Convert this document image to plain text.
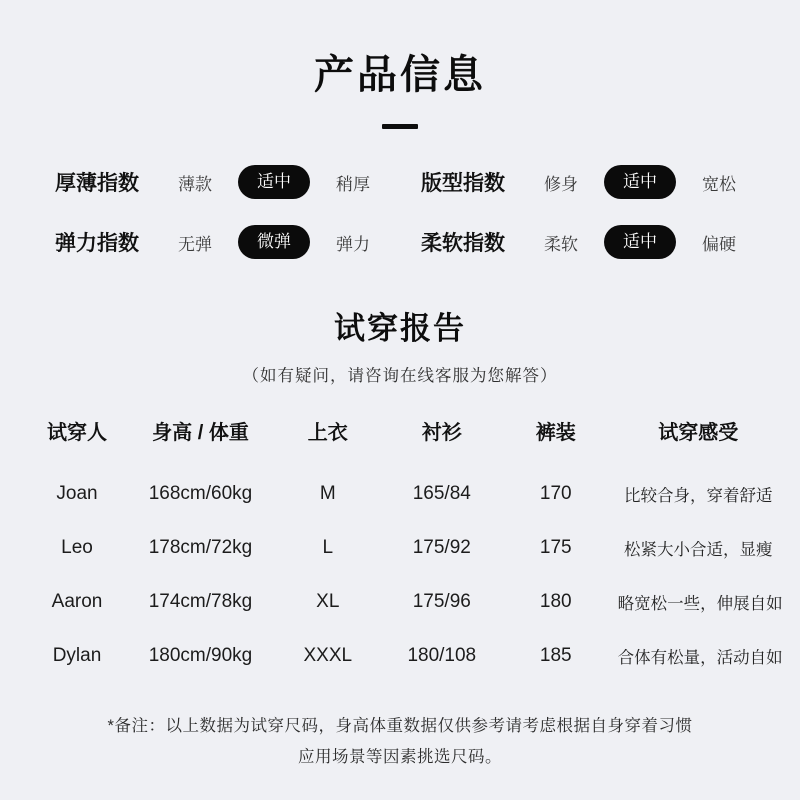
产品信息
厚薄指数 薄款	适中	稍厚 版型指数 修身	适中	宽松
弹力指数 无弹	微弹	弹力 柔软指数 柔软	适中	偏硬
试穿报告

（如有疑问，请咨询在线客服为您解答）

试穿人	身高 / 体重	上衣	衬衫	裤装	试穿感受
Joan	168cm/60kg	M	165/84	170	比较合身，穿着舒适
Leo	178cm/72kg	L	175/92	175	松紧大小合适，显瘦
Aaron	174cm/78kg	XL	175/96	180	略宽松一些，伸展自如
Dylan	180cm/90kg	XXXL	180/108	185	合体有松量，活动自如

*备注：以上数据为试穿尺码，身高体重数据仅供参考请考虑根据自身穿着习惯
应用场景等因素挑选尺码。
